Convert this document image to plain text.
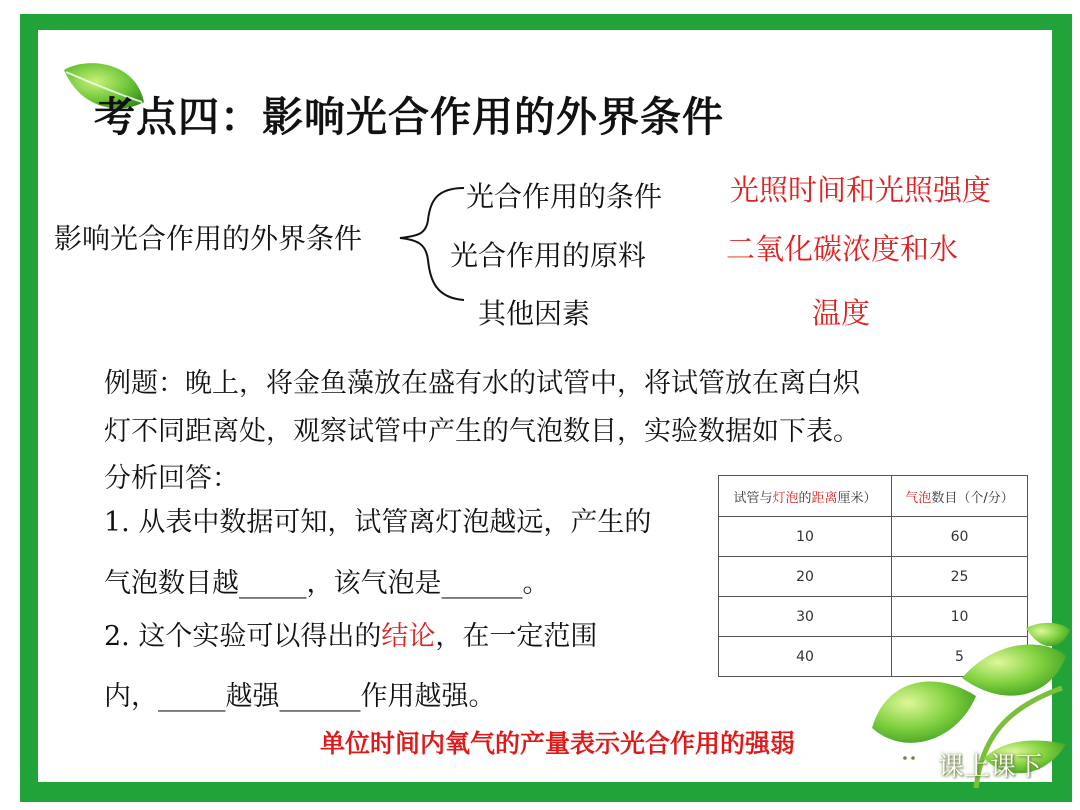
考点四：影响光合作用的外界条件
影响光合作用的外界条件
光合作用的条件
光合作用的原料
其他因素
光照时间和光照强度
二氧化碳浓度和水
温度
例题：晚上，将金鱼藻放在盛有水的试管中，将试管放在离白炽
灯不同距离处，观察试管中产生的气泡数目，实验数据如下表。
分析回答：
1. 从表中数据可知，试管离灯泡越远，产生的
气泡数目越_____，该气泡是______。
2. 这个实验可以得出的结论，在一定范围
内，_____越强______作用越强。
单位时间内氧气的产量表示光合作用的强弱
试管与灯泡的距离厘米）	气泡数目（个/分）
10	60
20	25
30	10
40	5
课上课下
